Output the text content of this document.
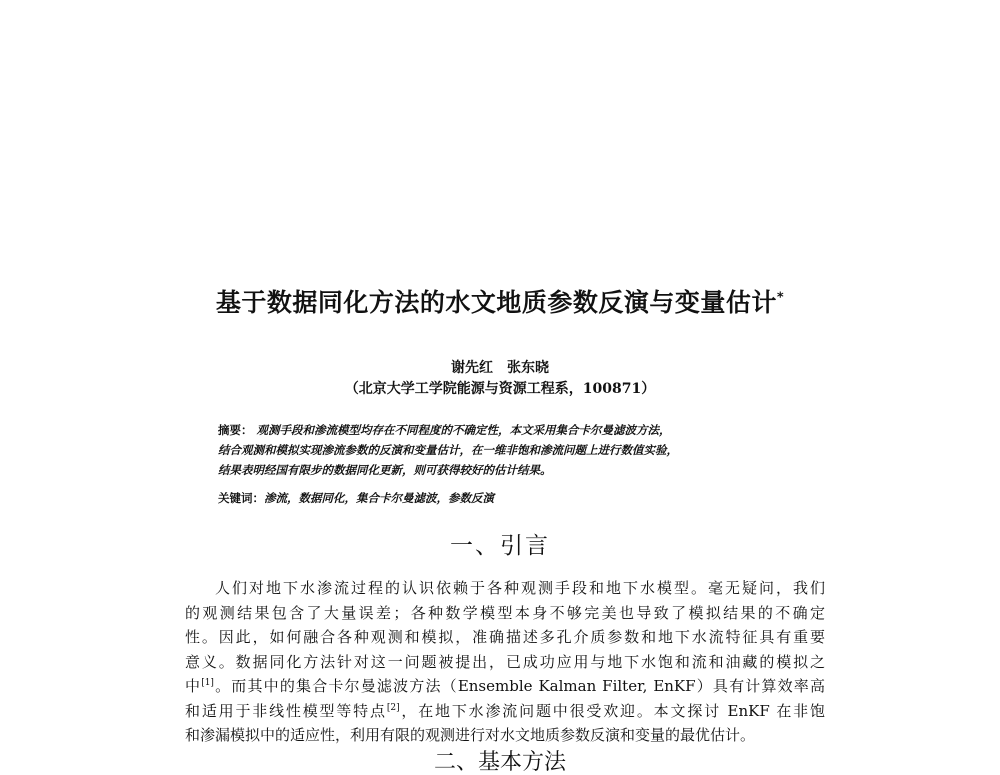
基于数据同化方法的水文地质参数反演与变量估计*
谢先红　张东晓
（北京大学工学院能源与资源工程系，100871）
摘要： 观测手段和渗流模型均存在不同程度的不确定性，本文采用集合卡尔曼滤波方法，
结合观测和模拟实现渗流参数的反演和变量估计，在一维非饱和渗流问题上进行数值实验，
结果表明经国有限步的数据同化更新，则可获得较好的估计结果。
关键词：渗流，数据同化，集合卡尔曼滤波，参数反演
一、引言
人们对地下水渗流过程的认识依赖于各种观测手段和地下水模型。毫无疑问，我们
的观测结果包含了大量误差；各种数学模型本身不够完美也导致了模拟结果的不确定
性。因此，如何融合各种观测和模拟，准确描述多孔介质参数和地下水流特征具有重要
意义。数据同化方法针对这一问题被提出，已成功应用与地下水饱和流和油藏的模拟之
中[1]。而其中的集合卡尔曼滤波方法（Ensemble Kalman Filter, EnKF）具有计算效率高
和适用于非线性模型等特点[2]，在地下水渗流问题中很受欢迎。本文探讨 EnKF 在非饱
和渗漏模拟中的适应性，利用有限的观测进行对水文地质参数反演和变量的最优估计。
二、基本方法
